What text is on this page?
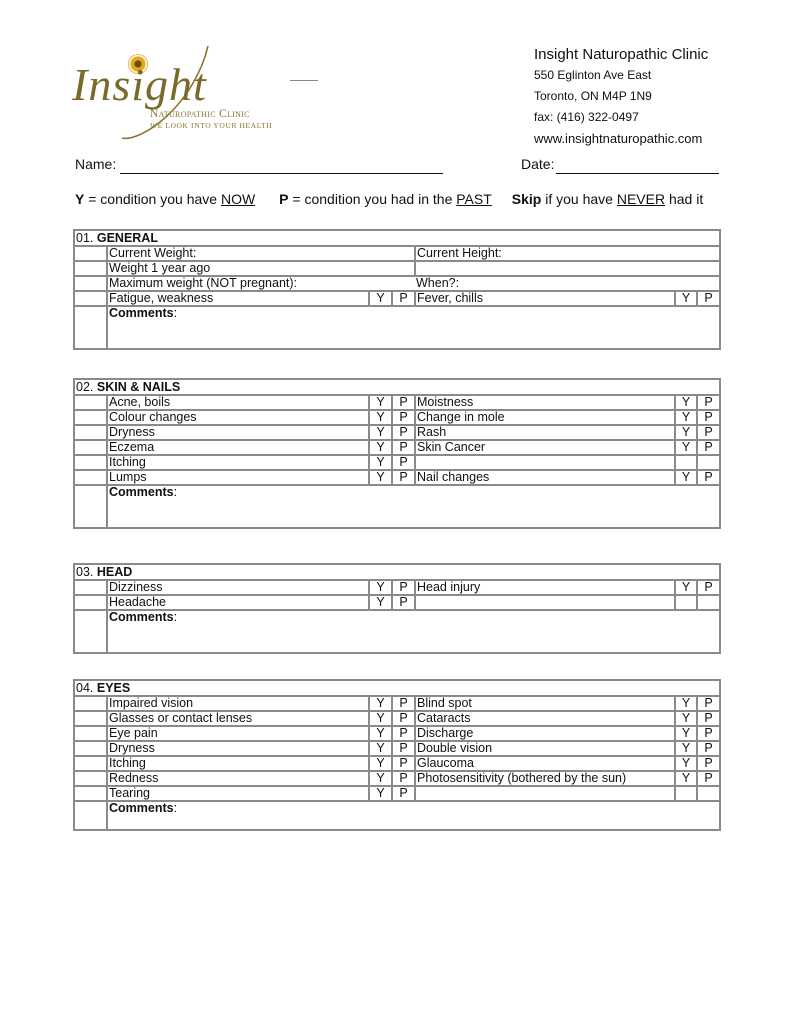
Insight
Naturopathic Clinic
WE LOOK INTO YOUR HEALTH
Insight Naturopathic Clinic
550 Eglinton Ave East
Toronto, ON M4P 1N9
fax: (416) 322-0497
www.insightnaturopathic.com
Name:	Date:
Y = condition you have NOW P = condition you had in the PAST Skip if you have NEVER had it
01. GENERAL						
	Current Weight:			Current Height:		
	Weight 1 year ago					
	Maximum weight (NOT pregnant):			When?:		
	Fatigue, weakness	Y	P	Fever, chills	Y	P
	Comments:					
02. SKIN & NAILS						
	Acne, boils	Y	P	Moistness	Y	P
	Colour changes	Y	P	Change in mole	Y	P
	Dryness	Y	P	Rash	Y	P
	Eczema	Y	P	Skin Cancer	Y	P
	Itching	Y	P			
	Lumps	Y	P	Nail changes	Y	P
	Comments:					
03. HEAD						
	Dizziness	Y	P	Head injury	Y	P
	Headache	Y	P			
	Comments:					
04. EYES						
	Impaired vision	Y	P	Blind spot	Y	P
	Glasses or contact lenses	Y	P	Cataracts	Y	P
	Eye pain	Y	P	Discharge	Y	P
	Dryness	Y	P	Double vision	Y	P
	Itching	Y	P	Glaucoma	Y	P
	Redness	Y	P	Photosensitivity (bothered by the sun)	Y	P
	Tearing	Y	P			
	Comments:					
